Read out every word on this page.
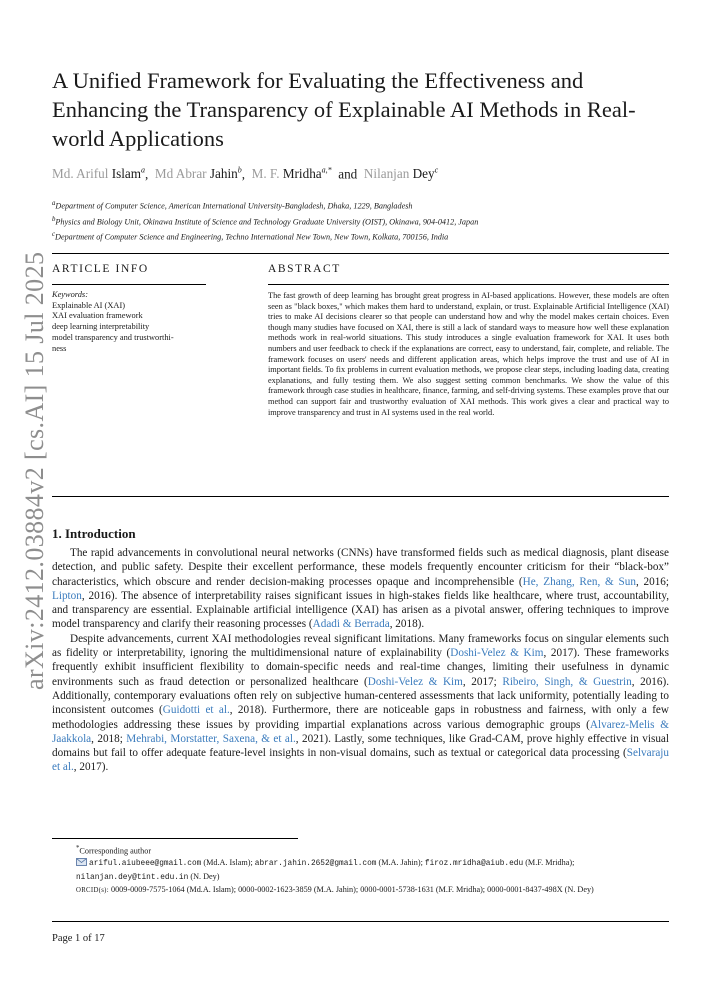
arXiv:2412.03884v2 [cs.AI] 15 Jul 2025
A Unified Framework for Evaluating the Effectiveness and Enhancing the Transparency of Explainable AI Methods in Real-world Applications
Md. Ariful Islam$^a$,  Md Abrar Jahin$^b$,  M. F. Mridha$^{a,*}$ and Nilanjan Dey$^c$
$^a$Department of Computer Science, American International University-Bangladesh, Dhaka, 1229, Bangladesh
$^b$Physics and Biology Unit, Okinawa Institute of Science and Technology Graduate University (OIST), Okinawa, 904-0412, Japan
$^c$Department of Computer Science and Engineering, Techno International New Town, New Town, Kolkata, 700156, India
ARTICLE INFO
Keywords:
Explainable AI (XAI)
XAI evaluation framework
deep learning interpretability
model transparency and trustworthi-
ness
ABSTRACT
The fast growth of deep learning has brought great progress in AI-based applications. However, these models are often seen as "black boxes," which makes them hard to understand, explain, or trust. Explainable Artificial Intelligence (XAI) tries to make AI decisions clearer so that people can understand how and why the model makes certain choices. Even though many studies have focused on XAI, there is still a lack of standard ways to measure how well these explanation methods work in real-world situations. This study introduces a single evaluation framework for XAI. It uses both numbers and user feedback to check if the explanations are correct, easy to understand, fair, complete, and reliable. The framework focuses on users' needs and different application areas, which helps improve the trust and use of AI in important fields. To fix problems in current evaluation methods, we propose clear steps, including loading data, creating explanations, and fully testing them. We also suggest setting common benchmarks. We show the value of this framework through case studies in healthcare, finance, farming, and self-driving systems. These examples prove that our method can support fair and trustworthy evaluation of XAI methods. This work gives a clear and practical way to improve transparency and trust in AI systems used in the real world.
1. Introduction

The rapid advancements in convolutional neural networks (CNNs) have transformed fields such as medical diagnosis, plant disease detection, and public safety. Despite their excellent performance, these models frequently encounter criticism for their “black-box” characteristics, which obscure and render decision-making processes opaque and incomprehensible (He, Zhang, Ren, & Sun, 2016; Lipton, 2016). The absence of interpretability raises significant issues in high-stakes fields like healthcare, where trust, accountability, and transparency are essential. Explainable artificial intelligence (XAI) has arisen as a pivotal answer, offering techniques to improve model transparency and clarify their reasoning processes (Adadi & Berrada, 2018).

Despite advancements, current XAI methodologies reveal significant limitations. Many frameworks focus on singular elements such as fidelity or interpretability, ignoring the multidimensional nature of explainability (Doshi-Velez & Kim, 2017). These frameworks frequently exhibit insufficient flexibility to domain-specific needs and real-time changes, limiting their usefulness in dynamic environments such as fraud detection or personalized healthcare (Doshi-Velez & Kim, 2017; Ribeiro, Singh, & Guestrin, 2016). Additionally, contemporary evaluations often rely on subjective human-centered assessments that lack uniformity, potentially leading to inconsistent outcomes (Guidotti et al., 2018). Furthermore, there are noticeable gaps in robustness and fairness, with only a few methodologies addressing these issues by providing impartial explanations across various demographic groups (Alvarez-Melis & Jaakkola, 2018; Mehrabi, Morstatter, Saxena, & et al., 2021). Lastly, some techniques, like Grad-CAM, prove highly effective in visual domains but fail to offer adequate feature-level insights in non-visual domains, such as textual or categorical data processing (Selvaraju et al., 2017).

*Corresponding author
ariful.aiubeee@gmail.com (Md.A. Islam); abrar.jahin.2652@gmail.com (M.A. Jahin); firoz.mridha@aiub.edu (M.F. Mridha); nilanjan.dey@tint.edu.in (N. Dey)
ORCID(s): 0009-0009-7575-1064 (Md.A. Islam); 0000-0002-1623-3859 (M.A. Jahin); 0000-0001-5738-1631 (M.F. Mridha); 0000-0001-8437-498X (N. Dey)
Page 1 of 17
